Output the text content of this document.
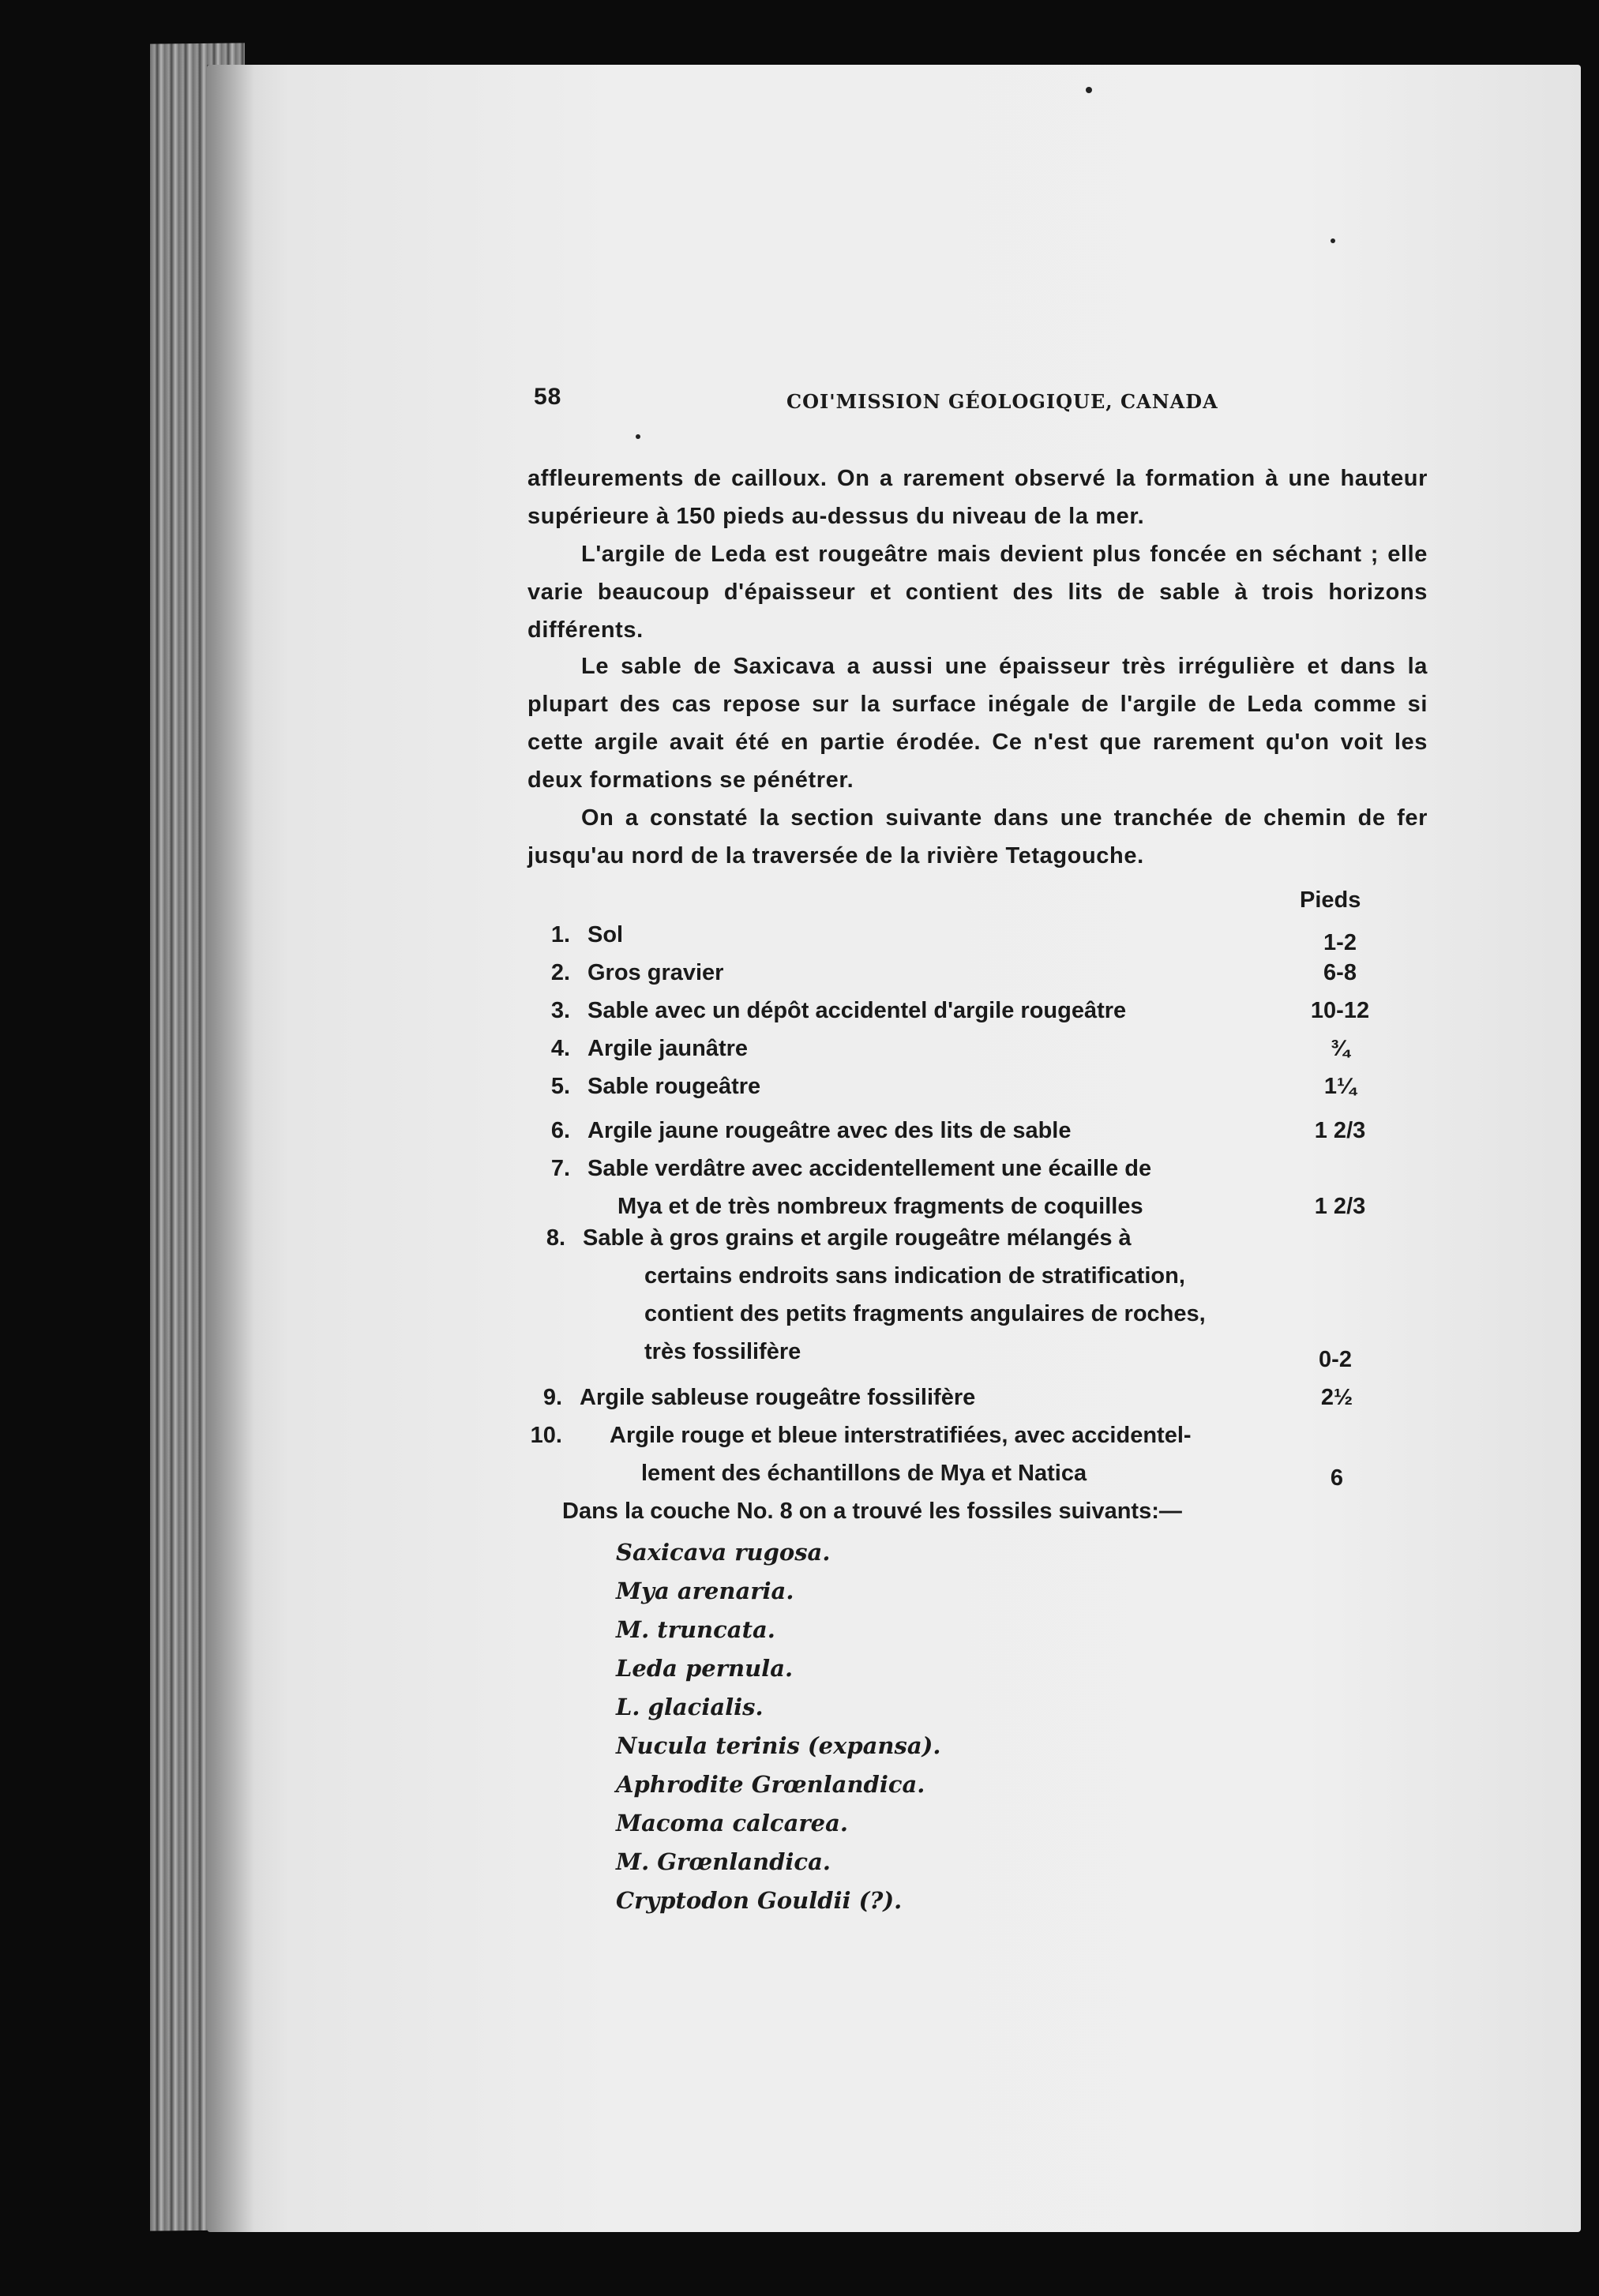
58	COI'MISSION GÉOLOGIQUE, CANADA
affleurements de cailloux. On a rarement observé la formation à une hauteur supérieure à 150 pieds au-dessus du niveau de la mer.
L'argile de Leda est rougeâtre mais devient plus foncée en séchant ; elle varie beaucoup d'épaisseur et contient des lits de sable à trois horizons différents.
Le sable de Saxicava a aussi une épaisseur très irrégulière et dans la plupart des cas repose sur la surface inégale de l'argile de Leda comme si cette argile avait été en partie érodée. Ce n'est que rarement qu'on voit les deux formations se pénétrer.
On a constaté la section suivante dans une tranchée de chemin de fer jusqu'au nord de la traversée de la rivière Tetagouche.
Pieds
1. Sol	1-2
2. Gros gravier	6-8
3. Sable avec un dépôt accidentel d'argile rougeâtre	10-12
4. Argile jaunâtre	¾
5. Sable rougeâtre	1¼
6. Argile jaune rougeâtre avec des lits de sable	1 2/3
7. Sable verdâtre avec accidentellement une écaille de
Mya et de très nombreux fragments de coquilles	1 2/3
8. Sable à gros grains et argile rougeâtre mélangés à
certains endroits sans indication de stratification,
contient des petits fragments angulaires de roches,
très fossilifère	0-2
9. Argile sableuse rougeâtre fossilifère	2½
10. Argile rouge et bleue interstratifiées, avec accidentel-
lement des échantillons de Mya et Natica	6
Dans la couche No. 8 on a trouvé les fossiles suivants:—
Saxicava rugosa.
Mya arenaria.
M. truncata.
Leda pernula.
L. glacialis.
Nucula terinis (expansa).
Aphrodite Grœnlandica.
Macoma calcarea.
M. Grœnlandica.
Cryptodon Gouldii (?).
